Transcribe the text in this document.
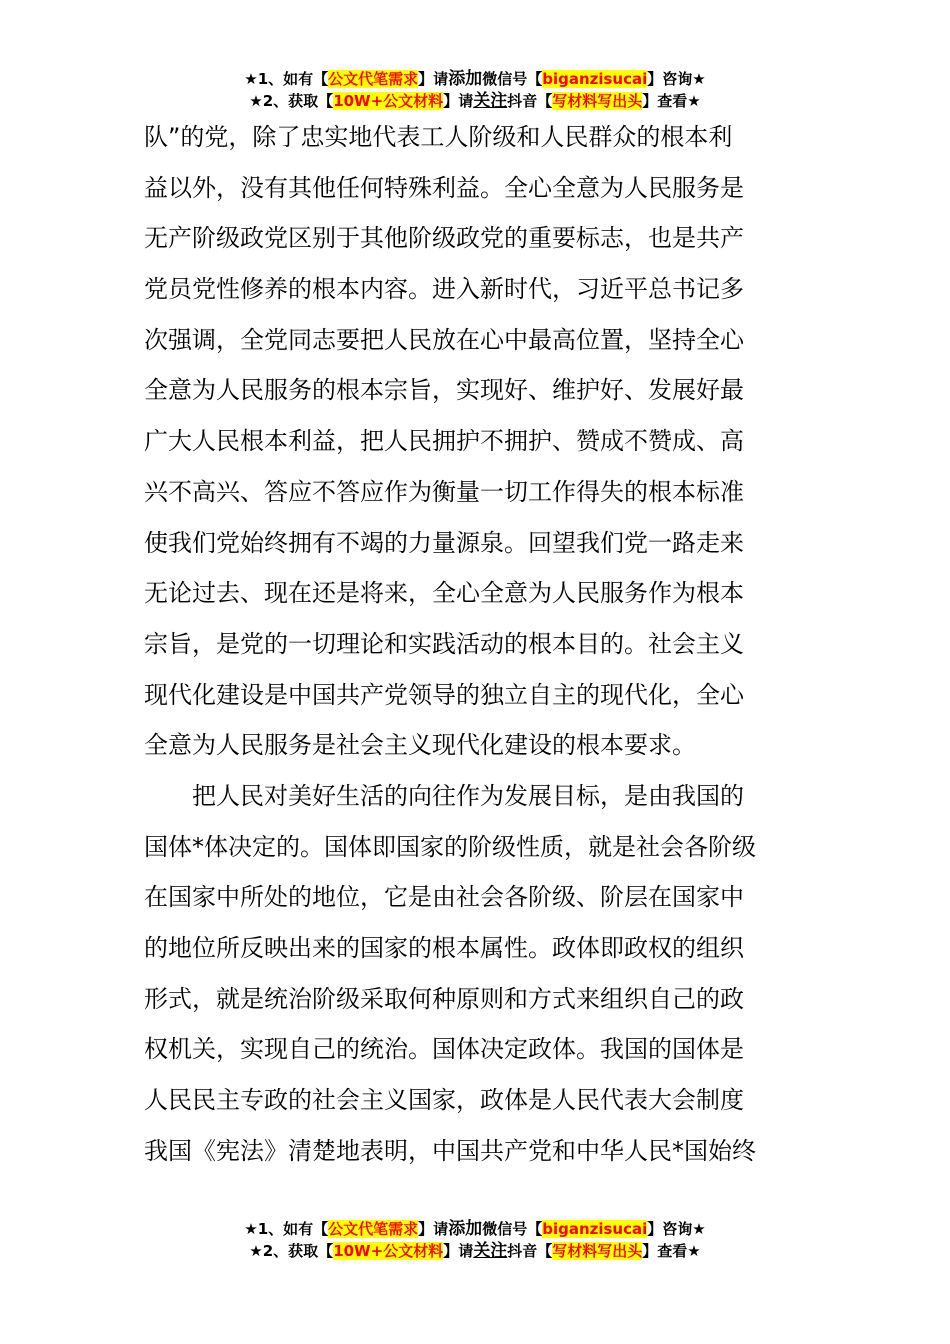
★1、如有【公文代笔需求】请添加微信号【biganzisucai】咨询★
★2、获取【10W+公文材料】请关注抖音【写材料写出头】查看★
队”的党，除了忠实地代表工人阶级和人民群众的根本利
益以外，没有其他任何特殊利益。全心全意为人民服务是
无产阶级政党区别于其他阶级政党的重要标志，也是共产
党员党性修养的根本内容。进入新时代，习近平总书记多
次强调，全党同志要把人民放在心中最高位置，坚持全心
全意为人民服务的根本宗旨，实现好、维护好、发展好最
广大人民根本利益，把人民拥护不拥护、赞成不赞成、高
兴不高兴、答应不答应作为衡量一切工作得失的根本标准
使我们党始终拥有不竭的力量源泉。回望我们党一路走来
无论过去、现在还是将来，全心全意为人民服务作为根本
宗旨，是党的一切理论和实践活动的根本目的。社会主义
现代化建设是中国共产党领导的独立自主的现代化，全心
全意为人民服务是社会主义现代化建设的根本要求。
把人民对美好生活的向往作为发展目标，是由我国的
国体*体决定的。国体即国家的阶级性质，就是社会各阶级
在国家中所处的地位，它是由社会各阶级、阶层在国家中
的地位所反映出来的国家的根本属性。政体即政权的组织
形式，就是统治阶级采取何种原则和方式来组织自己的政
权机关，实现自己的统治。国体决定政体。我国的国体是
人民民主专政的社会主义国家，政体是人民代表大会制度
我国《宪法》清楚地表明，中国共产党和中华人民*国始终
★1、如有【公文代笔需求】请添加微信号【biganzisucai】咨询★
★2、获取【10W+公文材料】请关注抖音【写材料写出头】查看★
